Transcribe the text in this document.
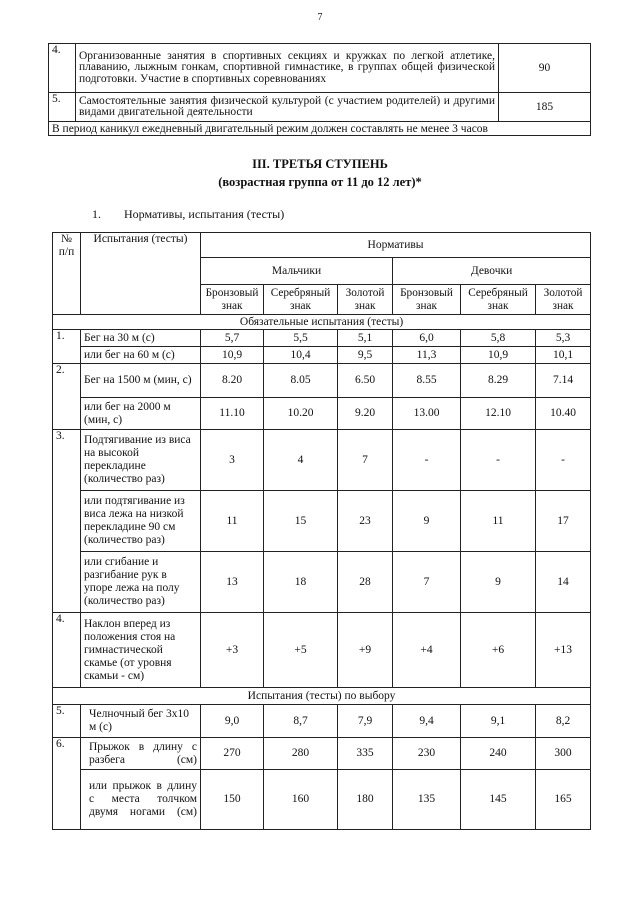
7
4.	Организованные занятия в спортивных секциях и кружках по легкой атлетике, плаванию, лыжным гонкам, спортивной гимнастике, в группах общей физической подготовки. Участие в спортивных соревнованиях	90
5.	Самостоятельные занятия физической культурой (с участием родителей) и другими видами двигательной деятельности	185
В период каникул ежедневный двигательный режим должен составлять не менее 3 часов		
III. ТРЕТЬЯ СТУПЕНЬ
(возрастная группа от 11 до 12 лет)*
1. Нормативы, испытания (тесты)
№ п/п	Испытания (тесты)	Нормативы					
		Мальчики			Девочки		
		Бронзовый знак	Серебряный знак	Золотой знак	Бронзовый знак	Серебряный знак	Золотой знак
Обязательные испытания (тесты)							
1.	Бег на 30 м (с)	5,7	5,5	5,1	6,0	5,8	5,3
	или бег на 60 м (с)	10,9	10,4	9,5	11,3	10,9	10,1
2.	Бег на 1500 м (мин, с)	8.20	8.05	6.50	8.55	8.29	7.14
	или бег на 2000 м (мин, с)	11.10	10.20	9.20	13.00	12.10	10.40
3.	Подтягивание из виса на высокой перекладине (количество раз)	3	4	7	-	-	-
	или подтягивание из виса лежа на низкой перекладине 90 см (количество раз)	11	15	23	9	11	17
	или сгибание и разгибание рук в упоре лежа на полу (количество раз)	13	18	28	7	9	14
4.	Наклон вперед из положения стоя на гимнастической скамье (от уровня скамьи - см)	+3	+5	+9	+4	+6	+13
Испытания (тесты) по выбору							
5.	Челночный бег 3х10 м (с)	9,0	8,7	7,9	9,4	9,1	8,2
6.	Прыжок в длину с разбега (см)	270	280	335	230	240	300
	или прыжок в длину с места толчком двумя ногами (см)	150	160	180	135	145	165
